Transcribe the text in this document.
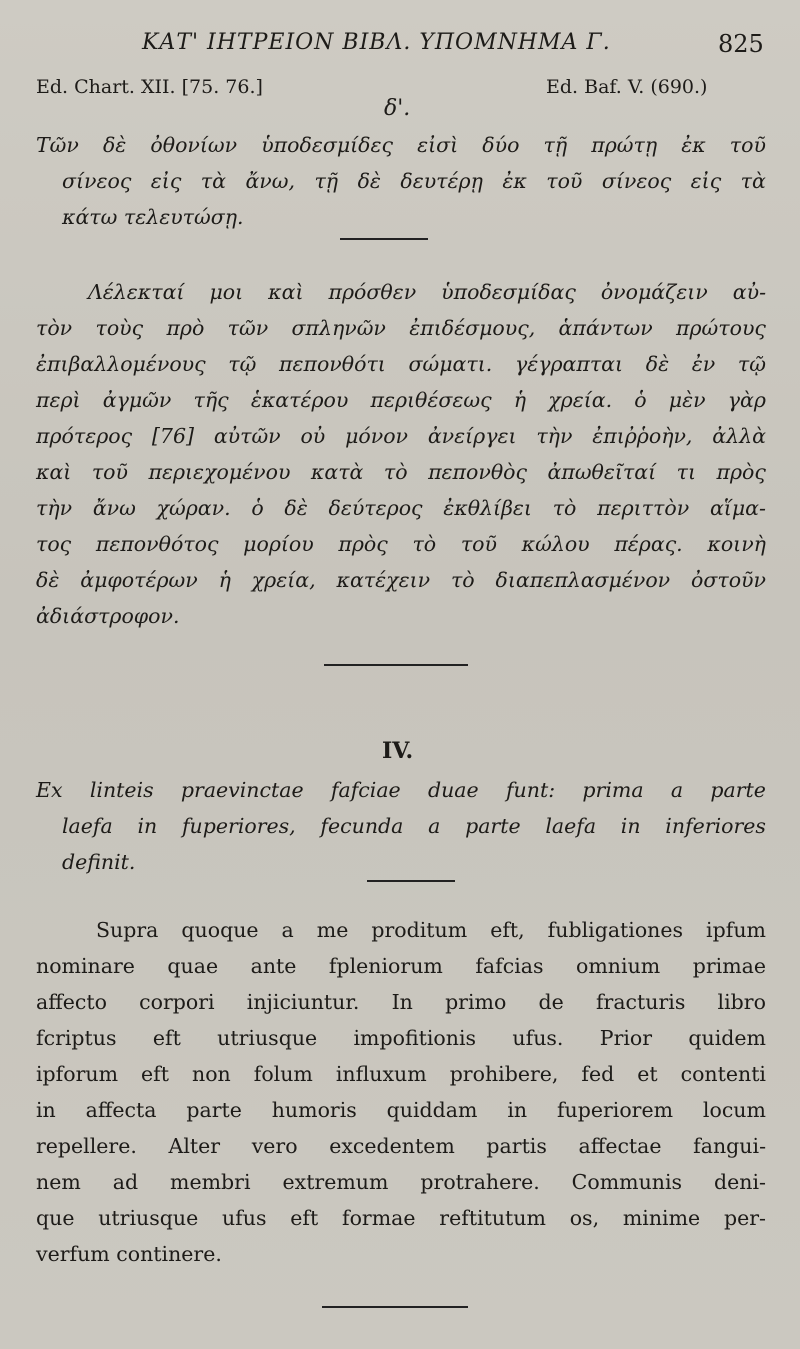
ΚΑΤ' ΙΗΤΡΕΙΟΝ ΒΙΒΛ. ΥΠΟΜΝΗΜΑ Γ.	825
Ed. Chart. XII. [75. 76.]	Ed. Baf. V. (690.)
δ'.
Τῶν δὲ ὀθονίων ὑποδεσμίδες εἰσὶ δύο τῇ πρώτῃ ἐκ τοῦ
σίνεος εἰς τὰ ἄνω, τῇ δὲ δευτέρῃ ἐκ τοῦ σίνεος εἰς τὰ
κάτω τελευτώσῃ.
Λέλεκταί μοι καὶ πρόσθεν ὑποδεσμίδας ὀνομάζειν αὐ-
τὸν τοὺς πρὸ τῶν σπληνῶν ἐπιδέσμους, ἁπάντων πρώτους
ἐπιβαλλομένους τῷ πεπονθότι σώματι. γέγραπται δὲ ἐν τῷ
περὶ ἀγμῶν τῆς ἑκατέρου περιθέσεως ἡ χρεία. ὁ μὲν γὰρ
πρότερος [76] αὐτῶν οὐ μόνον ἀνείργει τὴν ἐπιῤῥοὴν, ἀλλὰ
καὶ τοῦ περιεχομένου κατὰ τὸ πεπονθὸς ἀπωθεῖταί τι πρὸς
τὴν ἄνω χώραν. ὁ δὲ δεύτερος ἐκθλίβει τὸ περιττὸν αἵμα-
τος πεπονθότος μορίου πρὸς τὸ τοῦ κώλου πέρας. κοινὴ
δὲ ἀμφοτέρων ἡ χρεία, κατέχειν τὸ διαπεπλασμένον ὀστοῦν
ἀδιάστροφον.
IV.
Ex linteis praevinctae fafciae duae funt: prima a parte
laefa in fuperiores, fecunda a parte laefa in inferiores
definit.
Supra quoque a me proditum eft, fubligationes ipfum
nominare quae ante fpleniorum fafcias omnium primae
affecto corpori injiciuntur. In primo de fracturis libro
fcriptus eft utriusque impofitionis ufus. Prior quidem
ipforum eft non folum influxum prohibere, fed et contenti
in affecta parte humoris quiddam in fuperiorem locum
repellere. Alter vero excedentem partis affectae fangui-
nem ad membri extremum protrahere. Communis deni-
que utriusque ufus eft formae reftitutum os, minime per-
verfum continere.
